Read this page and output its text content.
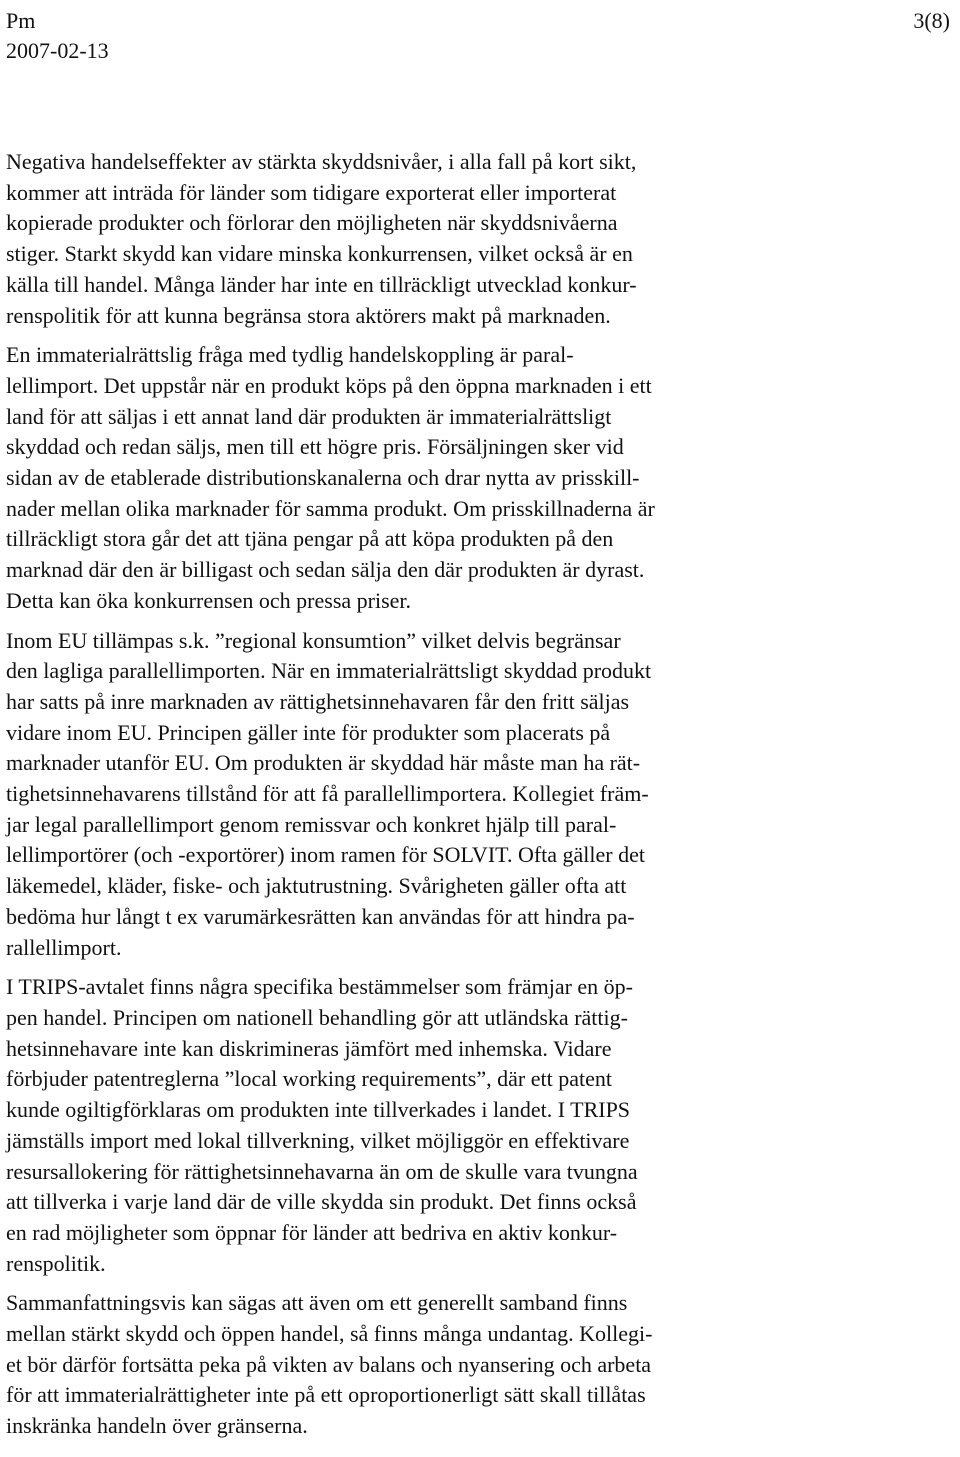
Pm
2007-02-13
3(8)
Negativa handelseffekter av stärkta skyddsnivåer, i alla fall på kort sikt,
kommer att inträda för länder som tidigare exporterat eller importerat
kopierade produkter och förlorar den möjligheten när skyddsnivåerna
stiger. Starkt skydd kan vidare minska konkurrensen, vilket också är en
källa till handel. Många länder har inte en tillräckligt utvecklad konkur-
renspolitik för att kunna begränsa stora aktörers makt på marknaden.
En immaterialrättslig fråga med tydlig handelskoppling är paral-
lellimport. Det uppstår när en produkt köps på den öppna marknaden i ett
land för att säljas i ett annat land där produkten är immaterialrättsligt
skyddad och redan säljs, men till ett högre pris. Försäljningen sker vid
sidan av de etablerade distributionskanalerna och drar nytta av prisskill-
nader mellan olika marknader för samma produkt. Om prisskillnaderna är
tillräckligt stora går det att tjäna pengar på att köpa produkten på den
marknad där den är billigast och sedan sälja den där produkten är dyrast.
Detta kan öka konkurrensen och pressa priser.
Inom EU tillämpas s.k. ”regional konsumtion” vilket delvis begränsar
den lagliga parallellimporten. När en immaterialrättsligt skyddad produkt
har satts på inre marknaden av rättighetsinnehavaren får den fritt säljas
vidare inom EU. Principen gäller inte för produkter som placerats på
marknader utanför EU. Om produkten är skyddad här måste man ha rät-
tighetsinnehavarens tillstånd för att få parallellimportera. Kollegiet främ-
jar legal parallellimport genom remissvar och konkret hjälp till paral-
lellimportörer (och -exportörer) inom ramen för SOLVIT. Ofta gäller det
läkemedel, kläder, fiske- och jaktutrustning. Svårigheten gäller ofta att
bedöma hur långt t ex varumärkesrätten kan användas för att hindra pa-
rallellimport.
I TRIPS-avtalet finns några specifika bestämmelser som främjar en öp-
pen handel. Principen om nationell behandling gör att utländska rättig-
hetsinnehavare inte kan diskrimineras jämfört med inhemska. Vidare
förbjuder patentreglerna ”local working requirements”, där ett patent
kunde ogiltigförklaras om produkten inte tillverkades i landet. I TRIPS
jämställs import med lokal tillverkning, vilket möjliggör en effektivare
resursallokering för rättighetsinnehavarna än om de skulle vara tvungna
att tillverka i varje land där de ville skydda sin produkt. Det finns också
en rad möjligheter som öppnar för länder att bedriva en aktiv konkur-
renspolitik.
Sammanfattningsvis kan sägas att även om ett generellt samband finns
mellan stärkt skydd och öppen handel, så finns många undantag. Kollegi-
et bör därför fortsätta peka på vikten av balans och nyansering och arbeta
för att immaterialrättigheter inte på ett oproportionerligt sätt skall tillåtas
inskränka handeln över gränserna.
